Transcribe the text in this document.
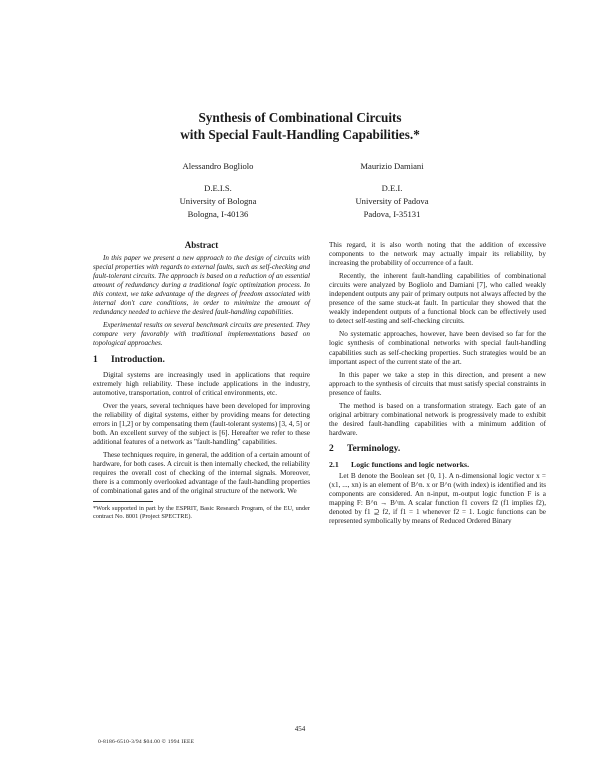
Synthesis of Combinational Circuits
with Special Fault-Handling Capabilities.*
Alessandro Bogliolo
D.E.I.S.
University of Bologna
Bologna, I-40136
Maurizio Damiani
D.E.I.
University of Padova
Padova, I-35131
Abstract

In this paper we present a new approach to the design of circuits with special properties with regards to external faults, such as self-checking and fault-tolerant circuits. The approach is based on a reduction of an essential amount of redundancy during a traditional logic optimization process. In this context, we take advantage of the degrees of freedom associated with internal don't care conditions, in order to minimize the amount of redundancy needed to achieve the desired fault-handling capabilities.

Experimental results on several benchmark circuits are presented. They compare very favorably with traditional implementations based on topological approaches.

1 Introduction.

Digital systems are increasingly used in applications that require extremely high reliability. These include applications in the industry, automotive, transportation, control of critical environments, etc.

Over the years, several techniques have been developed for improving the reliability of digital systems, either by providing means for detecting errors in [1,2] or by compensating them (fault-tolerant systems) [3, 4, 5] or both. An excellent survey of the subject is [6]. Hereafter we refer to these additional features of a network as "fault-handling" capabilities.

These techniques require, in general, the addition of a certain amount of hardware, for both cases. A circuit is then internally checked, the reliability requires the overall cost of checking of the internal signals. Moreover, there is a commonly overlooked advantage of the fault-handling properties of combinational gates and of the original structure of the network. We

*Work supported in part by the ESPRIT, Basic Research Program, of the EU, under contract No. 8001 (Project SPECTRE).

This regard, it is also worth noting that the addition of excessive components to the network may actually impair its reliability, by increasing the probability of occurrence of a fault.

Recently, the inherent fault-handling capabilities of combinational circuits were analyzed by Bogliolo and Damiani [7], who called weakly independent outputs any pair of primary outputs not always affected by the presence of the same stuck-at fault. In particular they showed that the weakly independent outputs of a functional block can be effectively used to detect self-testing and self-checking circuits.

No systematic approaches, however, have been devised so far for the logic synthesis of combinational networks with special fault-handling capabilities such as self-checking properties. Such strategies would be an important aspect of the current state of the art.

In this paper we take a step in this direction, and present a new approach to the synthesis of circuits that must satisfy special constraints in presence of faults.

The method is based on a transformation strategy. Each gate of an original arbitrary combinational network is progressively made to exhibit the desired fault-handling capabilities with a minimum addition of hardware.

2 Terminology.
2.1 Logic functions and logic networks.

Let B denote the Boolean set {0, 1}. A n-dimensional logic vector x = (x1, ..., xn) is an element of B^n. x or B^n (with index) is identified and its components are considered. An n-input, m-output logic function F is a mapping F: B^n → B^m. A scalar function f1 covers f2 (f1 implies f2), denoted by f1 ⊇ f2, if f1 = 1 whenever f2 = 1. Logic functions can be represented symbolically by means of Reduced Ordered Binary

454
0-8186-6510-3/94 $04.00 © 1994 IEEE
